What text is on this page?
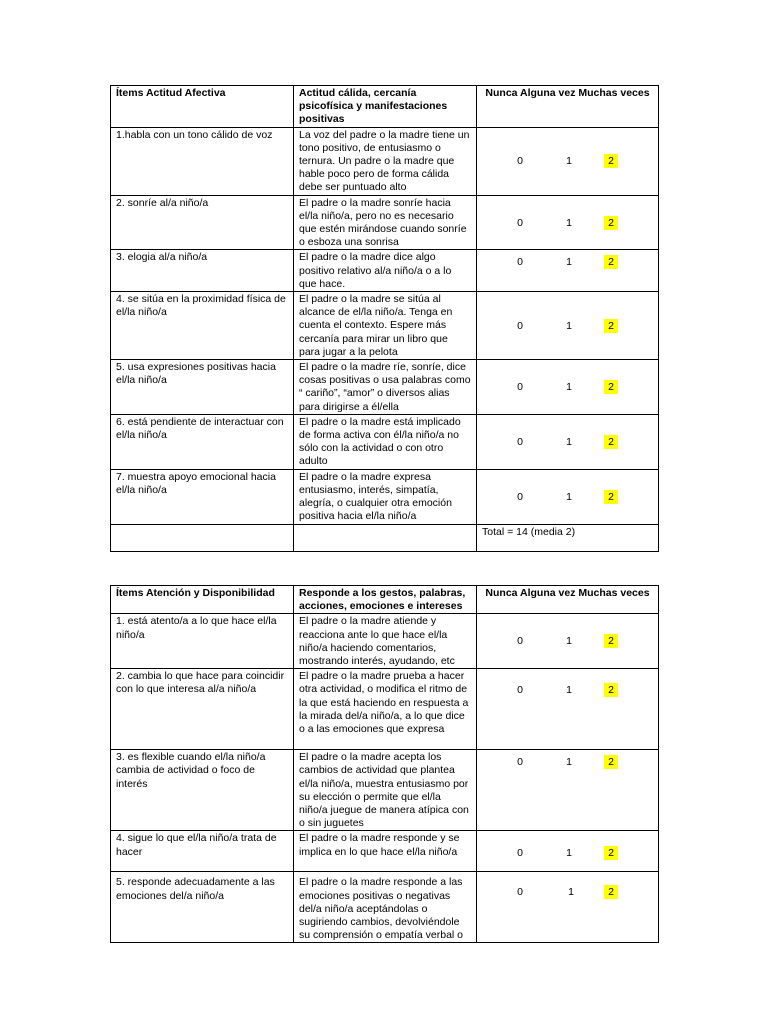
Ítems Actitud Afectiva	Actitud cálida, cercanía psicofísica y manifestaciones positivas	Nunca Alguna vez Muchas veces
1.habla con un tono cálido de voz	La voz del padre o la madre tiene un tono positivo, de entusiasmo o ternura. Un padre o la madre que hable poco pero de forma cálida debe ser puntuado alto	0 1 2

2. sonríe al/a niño/a	El padre o la madre sonríe hacia el/la niño/a, pero no es necesario que estén mirándose cuando sonríe o esboza una sonrisa	0 1 2

3. elogia al/a niño/a	El padre o la madre dice algo positivo relativo al/a niño/a o a lo que hace.	0 1 2

4. se sitúa en la proximidad física de el/la niño/a	El padre o la madre se sitúa al alcance de el/la niño/a. Tenga en cuenta el contexto. Espere más cercanía para mirar un libro que para jugar a la pelota	0 1 2

5. usa expresiones positivas hacia el/la niño/a	El padre o la madre ríe, sonríe, dice cosas positivas o usa palabras como “ cariño”, “amor” o diversos alias para dirigirse a él/ella	0 1 2

6. está pendiente de interactuar con el/la niño/a	El padre o la madre está implicado de forma activa con él/la niño/a no sólo con la actividad o con otro adulto	0 1 2

7. muestra apoyo emocional hacia el/la niño/a	El padre o la madre expresa entusiasmo, interés, simpatía, alegría, o cualquier otra emoción positiva hacia el/la niño/a	0 1 2

		Total = 14 (media 2)
Ítems Atención y Disponibilidad	Responde a los gestos, palabras, acciones, emociones e intereses	Nunca Alguna vez Muchas veces
1. está atento/a a lo que hace el/la niño/a	El padre o la madre atiende y reacciona ante lo que hace el/la niño/a haciendo comentarios, mostrando interés, ayudando, etc	0 1 2

2. cambia lo que hace para coincidir con lo que interesa al/a niño/a	El padre o la madre prueba a hacer otra actividad, o modifica el ritmo de la que está haciendo en respuesta a la mirada del/a niño/a, a lo que dice o a las emociones que expresa	0 1 2

3. es flexible cuando el/la niño/a cambia de actividad o foco de interés	El padre o la madre acepta los cambios de actividad que plantea el/la niño/a, muestra entusiasmo por su elección o permite que el/la niño/a juegue de manera atípica con o sin juguetes	0 1 2

4. sigue lo que el/la niño/a trata de hacer	El padre o la madre responde y se implica en lo que hace el/la niño/a	0 1 2

5. responde adecuadamente a las emociones del/a niño/a	El padre o la madre responde a las emociones positivas o negativas del/a niño/a aceptándolas o sugiriendo cambios, devolviéndole su comprensión o empatía verbal o	0 1 2
